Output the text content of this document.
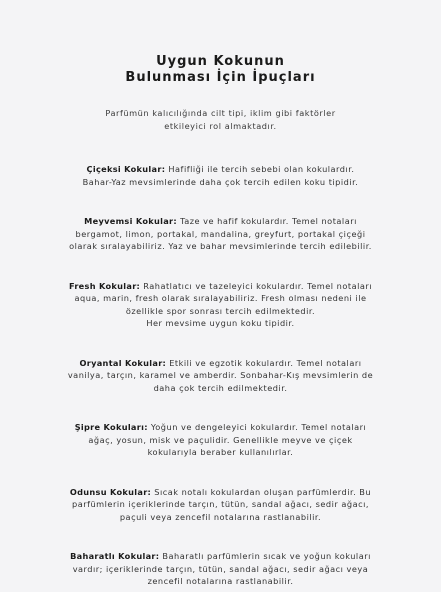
Uygun Kokunun
Bulunması İçin İpuçları

Parfümün kalıcılığında cilt tipi, iklim gibi faktörler
etkileyici rol almaktadır.

Çiçeksi Kokular: Hafifliği ile tercih sebebi olan kokulardır.
Bahar-Yaz mevsimlerinde daha çok tercih edilen koku tipidir.
Meyvemsi Kokular: Taze ve hafif kokulardır. Temel notaları
bergamot, limon, portakal, mandalina, greyfurt, portakal çiçeği
olarak sıralayabiliriz. Yaz ve bahar mevsimlerinde tercih edilebilir.
Fresh Kokular: Rahatlatıcı ve tazeleyici kokulardır. Temel notaları
aqua, marin, fresh olarak sıralayabiliriz. Fresh olması nedeni ile
özellikle spor sonrası tercih edilmektedir.
Her mevsime uygun koku tipidir.
Oryantal Kokular: Etkili ve egzotik kokulardır. Temel notaları
vanilya, tarçın, karamel ve amberdir. Sonbahar-Kış mevsimlerin de
daha çok tercih edilmektedir.
Şipre Kokuları: Yoğun ve dengeleyici kokulardır. Temel notaları
ağaç, yosun, misk ve paçulidir. Genellikle meyve ve çiçek
kokularıyla beraber kullanılırlar.
Odunsu Kokular: Sıcak notalı kokulardan oluşan parfümlerdir. Bu
parfümlerin içeriklerinde tarçın, tütün, sandal ağacı, sedir ağacı,
paçuli veya zencefil notalarına rastlanabilir.
Baharatlı Kokular: Baharatlı parfümlerin sıcak ve yoğun kokuları
vardır; içeriklerinde tarçın, tütün, sandal ağacı, sedir ağacı veya
zencefil notalarına rastlanabilir.
